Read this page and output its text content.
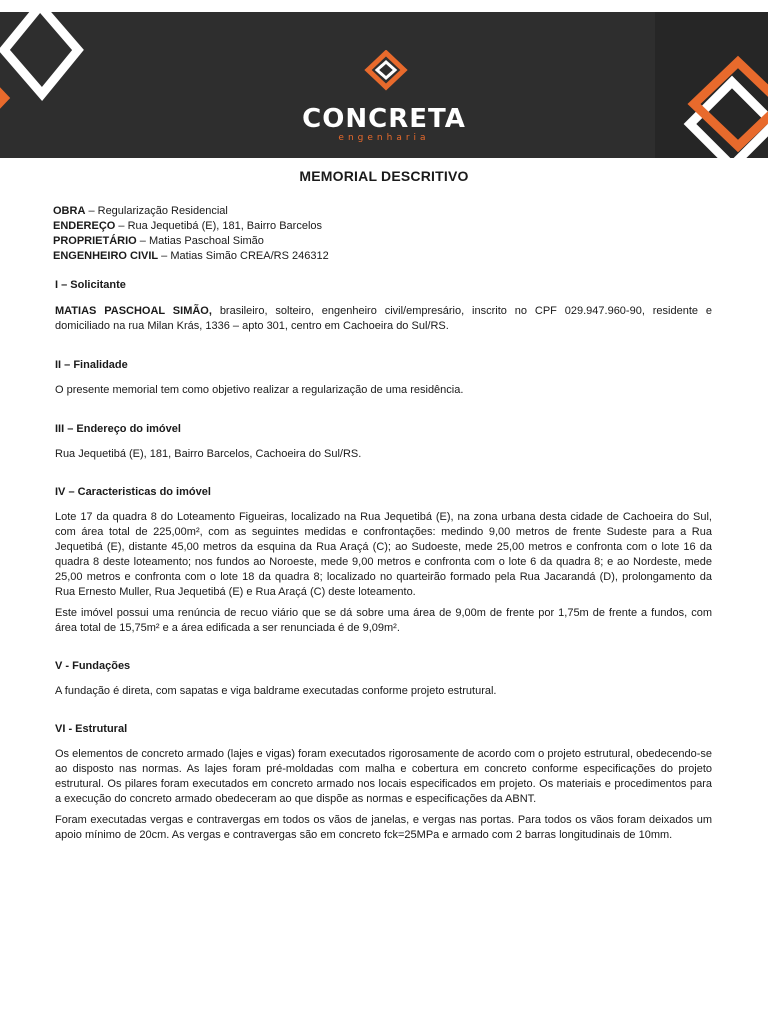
CONCRETA
engenharia
MEMORIAL DESCRITIVO
OBRA – Regularização Residencial
ENDEREÇO – Rua Jequetibá (E), 181, Bairro Barcelos
PROPRIETÁRIO – Matias Paschoal Simão
ENGENHEIRO CIVIL – Matias Simão CREA/RS 246312

I – Solicitante

MATIAS PASCHOAL SIMÃO, brasileiro, solteiro, engenheiro civil/empresário, inscrito no CPF 029.947.960-90, residente e domiciliado na rua Milan Krás, 1336 – apto 301, centro em Cachoeira do Sul/RS.

II – Finalidade

O presente memorial tem como objetivo realizar a regularização de uma residência.

III – Endereço do imóvel

Rua Jequetibá (E), 181, Bairro Barcelos, Cachoeira do Sul/RS.

IV – Caracteristicas do imóvel

Lote 17 da quadra 8 do Loteamento Figueiras, localizado na Rua Jequetibá (E), na zona urbana desta cidade de Cachoeira do Sul, com área total de 225,00m², com as seguintes medidas e confrontações: medindo 9,00 metros de frente Sudeste para a Rua Jequetibá (E), distante 45,00 metros da esquina da Rua Araçá (C); ao Sudoeste, mede 25,00 metros e confronta com o lote 16 da quadra 8 deste loteamento; nos fundos ao Noroeste, mede 9,00 metros e confronta com o lote 6 da quadra 8; e ao Nordeste, mede 25,00 metros e confronta com o lote 18 da quadra 8; localizado no quarteirão formado pela Rua Jacarandá (D), prolongamento da Rua Ernesto Muller, Rua Jequetibá (E) e Rua Araçá (C) deste loteamento.

Este imóvel possui uma renúncia de recuo viário que se dá sobre uma área de 9,00m de frente por 1,75m de frente a fundos, com área total de 15,75m² e a área edificada a ser renunciada é de 9,09m².

V - Fundações

A fundação é direta, com sapatas e viga baldrame executadas conforme projeto estrutural.

VI - Estrutural

Os elementos de concreto armado (lajes e vigas) foram executados rigorosamente de acordo com o projeto estrutural, obedecendo-se ao disposto nas normas. As lajes foram pré-moldadas com malha e cobertura em concreto conforme especificações do projeto estrutural. Os pilares foram executados em concreto armado nos locais especificados em projeto. Os materiais e procedimentos para a execução do concreto armado obedeceram ao que dispõe as normas e especificações da ABNT.

Foram executadas vergas e contravergas em todos os vãos de janelas, e vergas nas portas. Para todos os vãos foram deixados um apoio mínimo de 20cm. As vergas e contravergas são em concreto fck=25MPa e armado com 2 barras longitudinais de 10mm.
